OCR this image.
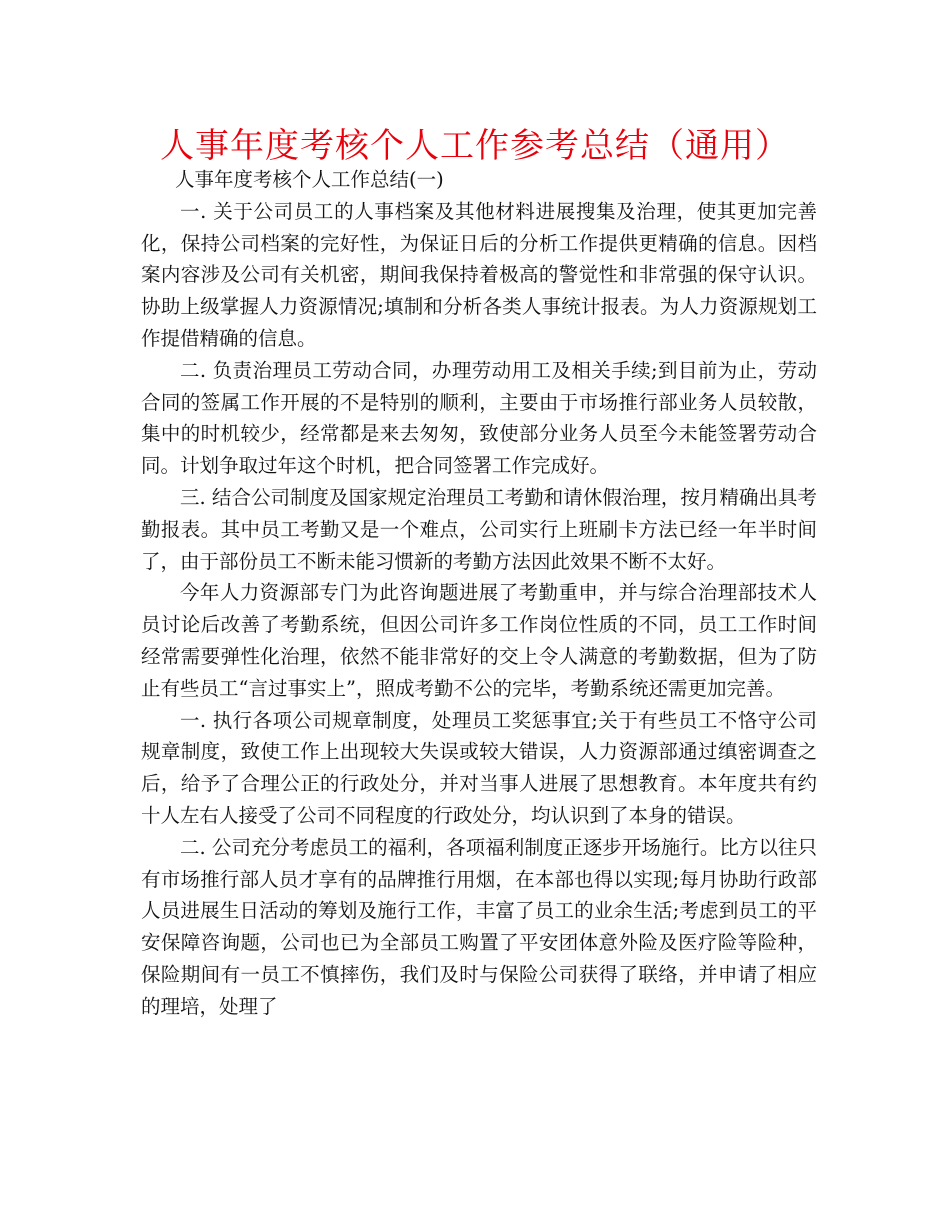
人事年度考核个人工作参考总结（通用）
人事年度考核个人工作总结(一)

一. 关于公司员工的人事档案及其他材料进展搜集及治理，使其更加完善化，保持公司档案的完好性，为保证日后的分析工作提供更精确的信息。因档案内容涉及公司有关机密，期间我保持着极高的警觉性和非常强的保守认识。协助上级掌握人力资源情况;填制和分析各类人事统计报表。为人力资源规划工作提借精确的信息。

二. 负责治理员工劳动合同，办理劳动用工及相关手续;到目前为止，劳动合同的签属工作开展的不是特别的顺利，主要由于市场推行部业务人员较散，集中的时机较少，经常都是来去匆匆，致使部分业务人员至今未能签署劳动合同。计划争取过年这个时机，把合同签署工作完成好。

三. 结合公司制度及国家规定治理员工考勤和请休假治理，按月精确出具考勤报表。其中员工考勤又是一个难点，公司实行上班刷卡方法已经一年半时间了，由于部份员工不断未能习惯新的考勤方法因此效果不断不太好。

今年人力资源部专门为此咨询题进展了考勤重申，并与综合治理部技术人员讨论后改善了考勤系统，但因公司许多工作岗位性质的不同，员工工作时间经常需要弹性化治理，依然不能非常好的交上令人满意的考勤数据，但为了防止有些员工“言过事实上”，照成考勤不公的完毕，考勤系统还需更加完善。

一. 执行各项公司规章制度，处理员工奖惩事宜;关于有些员工不恪守公司规章制度，致使工作上出现较大失误或较大错误，人力资源部通过缜密调查之后，给予了合理公正的行政处分，并对当事人进展了思想教育。本年度共有约十人左右人接受了公司不同程度的行政处分，均认识到了本身的错误。

二. 公司充分考虑员工的福利，各项福利制度正逐步开场施行。比方以往只有市场推行部人员才享有的品牌推行用烟，在本部也得以实现;每月协助行政部人员进展生日活动的筹划及施行工作，丰富了员工的业余生活;考虑到员工的平安保障咨询题，公司也已为全部员工购置了平安团体意外险及医疗险等险种，保险期间有一员工不慎摔伤，我们及时与保险公司获得了联络，并申请了相应的理培，处理了
